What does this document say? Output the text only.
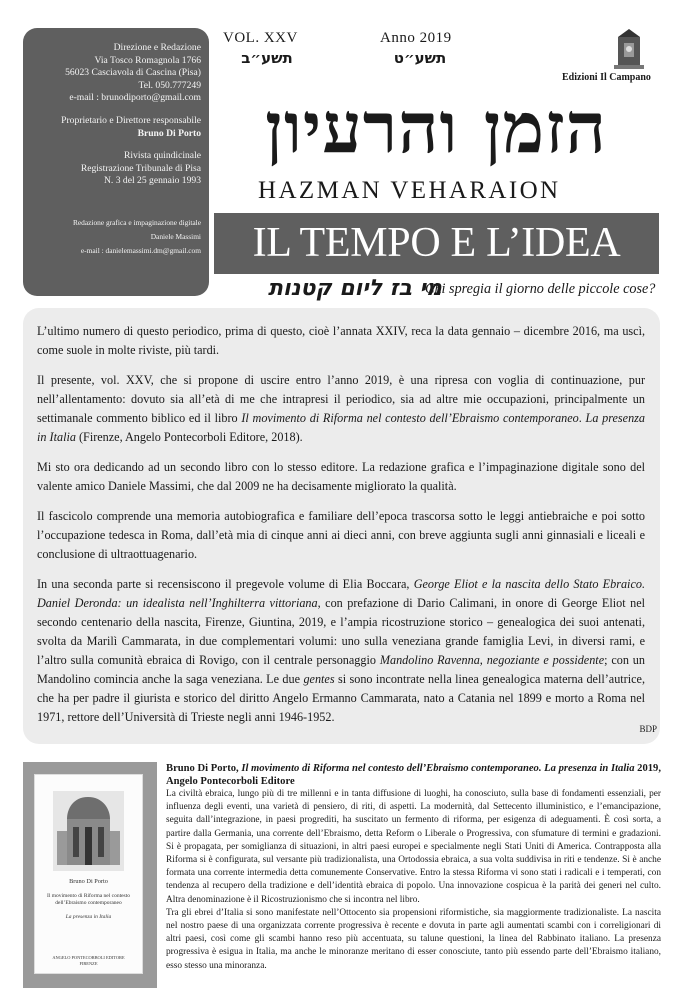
Direzione e Redazione

Via Tosco Romagnola 1766

56023 Casciavola di Cascina (Pisa)

Tel. 050.777249

e-mail : brunodiporto@gmail.com

Proprietario e Direttore responsabile

Bruno Di Porto

Rivista quindicinale

Registrazione Tribunale di Pisa

N. 3 del 25 gennaio 1993

Redazione grafica e impaginazione digitale

Daniele Massimi

e-mail : danielemassimi.dm@gmail.com

VOL. XXV	Anno 2019
תשע״ב	תשע״ט
Edizioni Il Campano
הזמן והרעיון
HAZMAN VEHARAION
IL TEMPO E L’IDEA
מי בז ליום קטנות
Chi spregia il giorno delle piccole cose?

L’ultimo numero di questo periodico, prima di questo, cioè l’annata XXIV, reca la data gennaio – dicembre 2016, ma uscì, come suole in molte riviste, più tardi.

Il presente, vol. XXV, che si propone di uscire entro l’anno 2019, è una ripresa con voglia di continuazione, pur nell’allentamento: dovuto sia all’età di me che intrapresi il periodico, sia ad altre mie occupazioni, principalmente un settimanale commento biblico ed il libro Il movimento di Riforma nel contesto dell’Ebraismo contemporaneo. La presenza in Italia (Firenze, Angelo Pontecorboli Editore, 2018).

Mi sto ora dedicando ad un secondo libro con lo stesso editore. La redazione grafica e l’impaginazione digitale sono del valente amico Daniele Massimi, che dal 2009 ne ha decisamente migliorato la qualità.

Il fascicolo comprende una memoria autobiografica e familiare dell’epoca trascorsa sotto le leggi antiebraiche e poi sotto l’occupazione tedesca in Roma, dall’età mia di cinque anni ai dieci anni, con breve aggiunta sugli anni ginnasiali e liceali e conclusione di ultraottuagenario.

In una seconda parte si recensiscono il pregevole volume di Elia Boccara, George Eliot e la nascita dello Stato Ebraico. Daniel Deronda: un idealista nell’Inghilterra vittoriana, con prefazione di Dario Calimani, in onore di George Eliot nel secondo centenario della nascita, Firenze, Giuntina, 2019, e l’ampia ricostruzione storico – genealogica dei suoi antenati, svolta da Marilì Cammarata, in due complementari volumi: uno sulla veneziana grande famiglia Levi, in diversi rami, e l’altro sulla comunità ebraica di Rovigo, con il centrale personaggio Mandolino Ravenna, negoziante e possidente; con un Mandolino comincia anche la saga veneziana. Le due gentes si sono incontrate nella linea genealogica materna dell’autrice, che ha per padre il giurista e storico del diritto Angelo Ermanno Cammarata, nato a Catania nel 1899 e morto a Roma nel 1971, rettore dell’Università di Trieste negli anni 1946-1952.

BDP
Bruno Di Porto
Il movimento di Riforma nel contesto dell’Ebraismo contemporaneo
La presenza in Italia
ANGELO PONTECORBOLI EDITORE
FIRENZE
Bruno Di Porto, Il movimento di Riforma nel contesto dell’Ebraismo contemporaneo. La presenza in Italia 2019, Angelo Pontecorboli Editore

La civiltà ebraica, lungo più di tre millenni e in tanta diffusione di luoghi, ha conosciuto, sulla base di fondamenti essenziali, per influenza degli eventi, una varietà di pensiero, di riti, di aspetti. La modernità, dal Settecento illuministico, e l’emancipazione, seguita dall’integrazione, in paesi progrediti, ha suscitato un fermento di riforma, per esigenza di adeguamenti. È così sorta, a partire dalla Germania, una corrente dell’Ebraismo, detta Reform o Liberale o Progressiva, con sfumature di termini e gradazioni. Si è propagata, per somiglianza di situazioni, in altri paesi europei e specialmente negli Stati Uniti di America. Contrapposta alla Riforma si è configurata, sul versante più tradizionalista, una Ortodossia ebraica, a sua volta suddivisa in riti e tendenze. Si è anche formata una corrente intermedia detta comunemente Conservative. Entro la stessa Riforma vi sono stati i radicali e i temperati, con tendenza al recupero della tradizione e dell’identità ebraica di popolo. Una innovazione cospicua è la parità dei generi nel culto. Altra denominazione è il Ricostruzionismo che si incontra nel libro.

Tra gli ebrei d’Italia si sono manifestate nell’Ottocento sia propensioni riformistiche, sia maggiormente tradizionaliste. La nascita nel nostro paese di una organizzata corrente progressiva è recente e dovuta in parte agli aumentati scambi con i correligionari di altri paesi, così come gli scambi hanno reso più accentuata, su talune questioni, la linea del Rabbinato italiano. La presenza progressiva è esigua in Italia, ma anche le minoranze meritano di esser conosciute, tanto più essendo parte dell’Ebraismo italiano, esso stesso una minoranza.
